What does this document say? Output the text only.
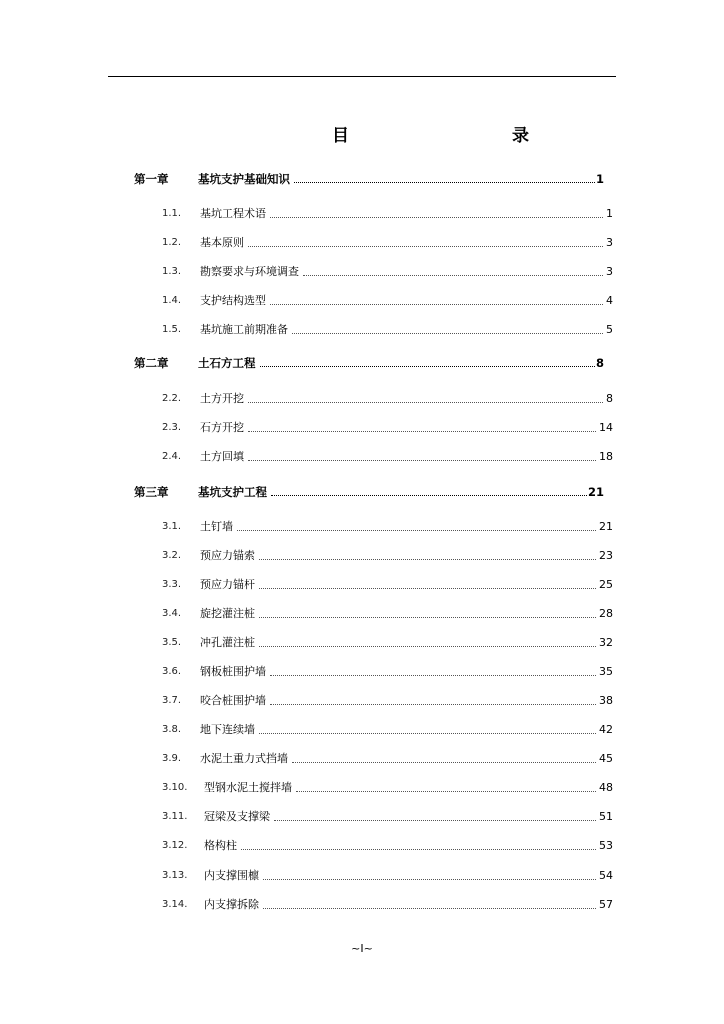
目	录
第一章	基坑支护基础知识	1
1.1.	基坑工程术语	1
1.2.	基本原则	3
1.3.	勘察要求与环境调查	3
1.4.	支护结构选型	4
1.5.	基坑施工前期准备	5
第二章	土石方工程	8
2.2.	土方开挖	8
2.3.	石方开挖	14
2.4.	土方回填	18
第三章	基坑支护工程	21
3.1.	土钉墙	21
3.2.	预应力锚索	23
3.3.	预应力锚杆	25
3.4.	旋挖灌注桩	28
3.5.	冲孔灌注桩	32
3.6.	钢板桩围护墙	35
3.7.	咬合桩围护墙	38
3.8.	地下连续墙	42
3.9.	水泥土重力式挡墙	45
3.10.	型钢水泥土搅拌墙	48
3.11.	冠梁及支撑梁	51
3.12.	格构柱	53
3.13.	内支撑围檩	54
3.14.	内支撑拆除	57
~I~
